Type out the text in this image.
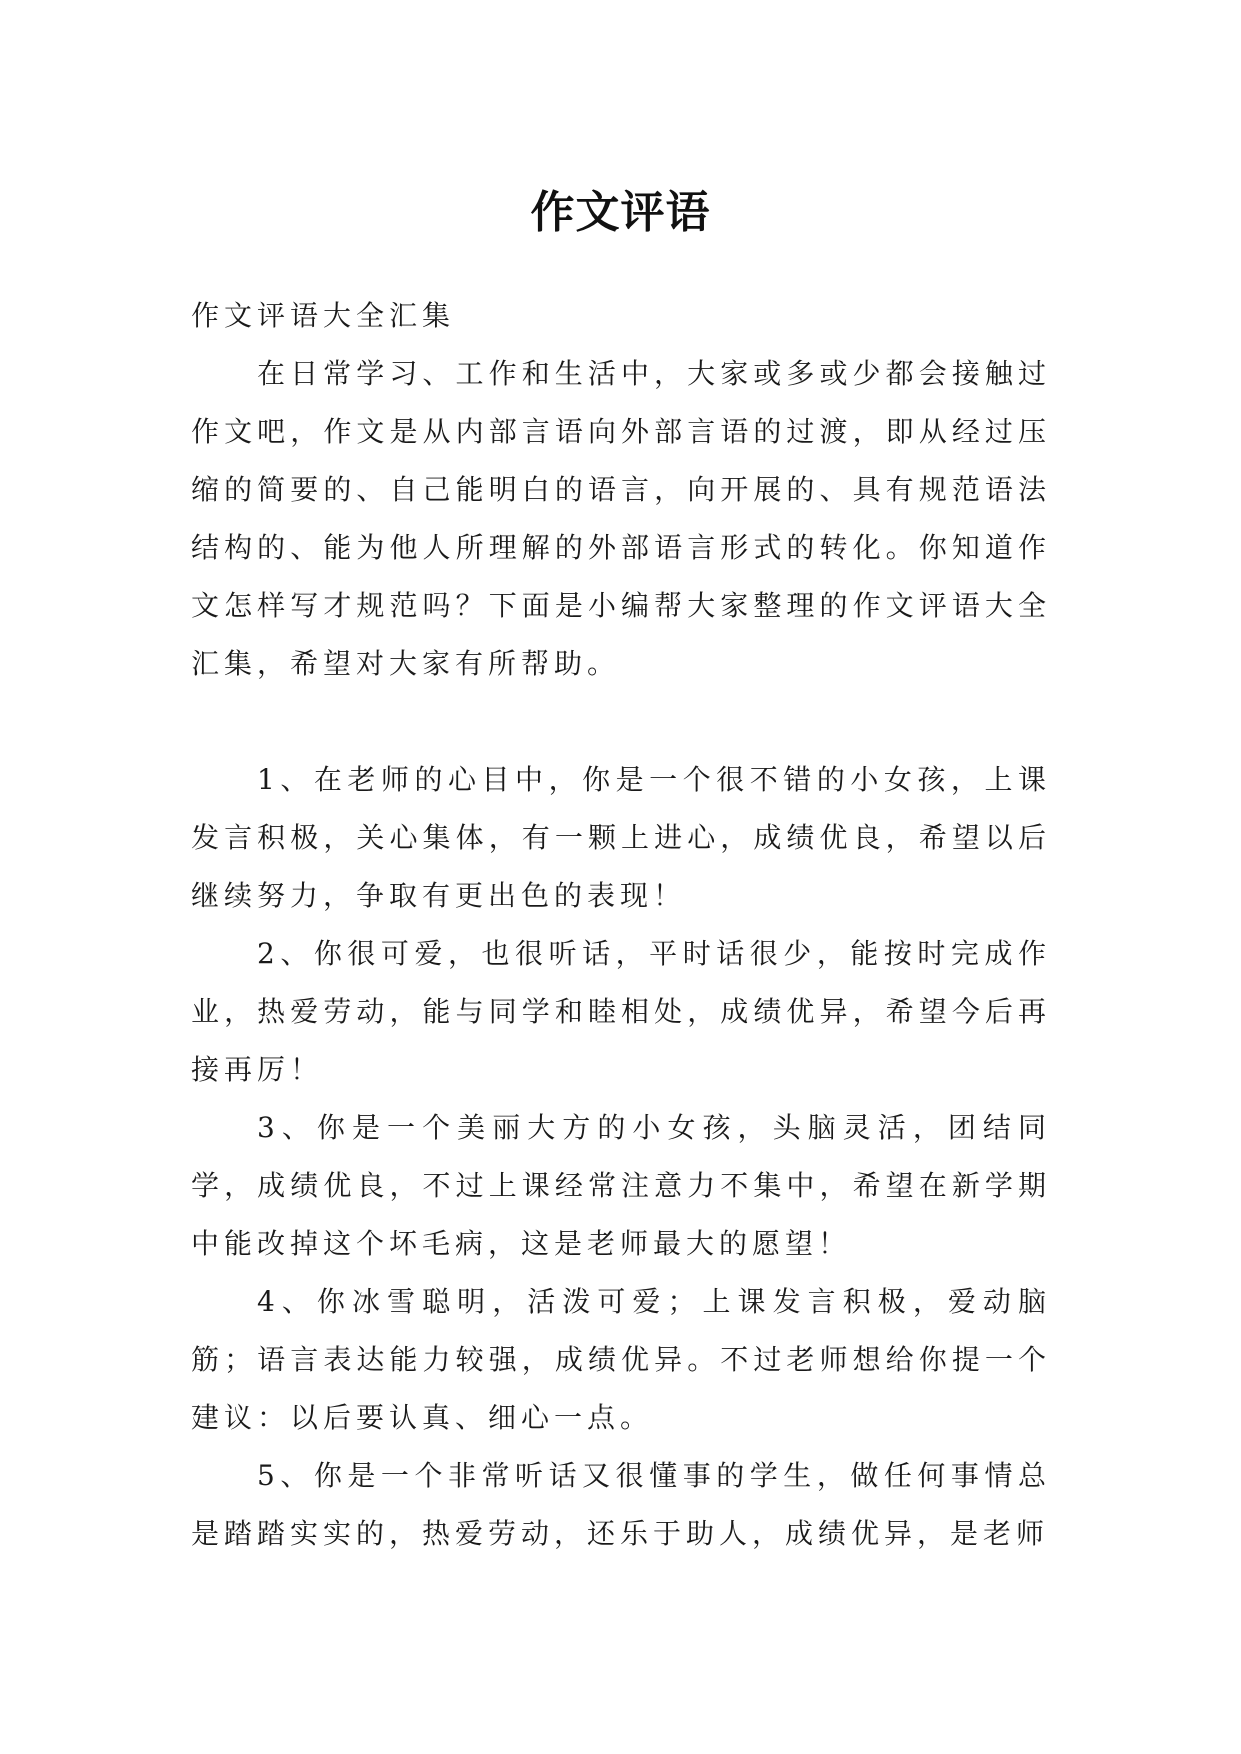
作文评语

作文评语大全汇集

在日常学习、工作和生活中，大家或多或少都会接触过作文吧，作文是从内部言语向外部言语的过渡，即从经过压缩的简要的、自己能明白的语言，向开展的、具有规范语法结构的、能为他人所理解的外部语言形式的转化。你知道作文怎样写才规范吗？下面是小编帮大家整理的作文评语大全汇集，希望对大家有所帮助。

1、在老师的心目中，你是一个很不错的小女孩，上课发言积极，关心集体，有一颗上进心，成绩优良，希望以后继续努力，争取有更出色的表现！

2、你很可爱，也很听话，平时话很少，能按时完成作业，热爱劳动，能与同学和睦相处，成绩优异，希望今后再接再厉！

3、你是一个美丽大方的小女孩，头脑灵活，团结同学，成绩优良，不过上课经常注意力不集中，希望在新学期中能改掉这个坏毛病，这是老师最大的愿望！

4、你冰雪聪明，活泼可爱；上课发言积极，爱动脑筋；语言表达能力较强，成绩优异。不过老师想给你提一个建议：以后要认真、细心一点。

5、你是一个非常听话又很懂事的学生，做任何事情总是踏踏实实的，热爱劳动，还乐于助人，成绩优异，是老师
